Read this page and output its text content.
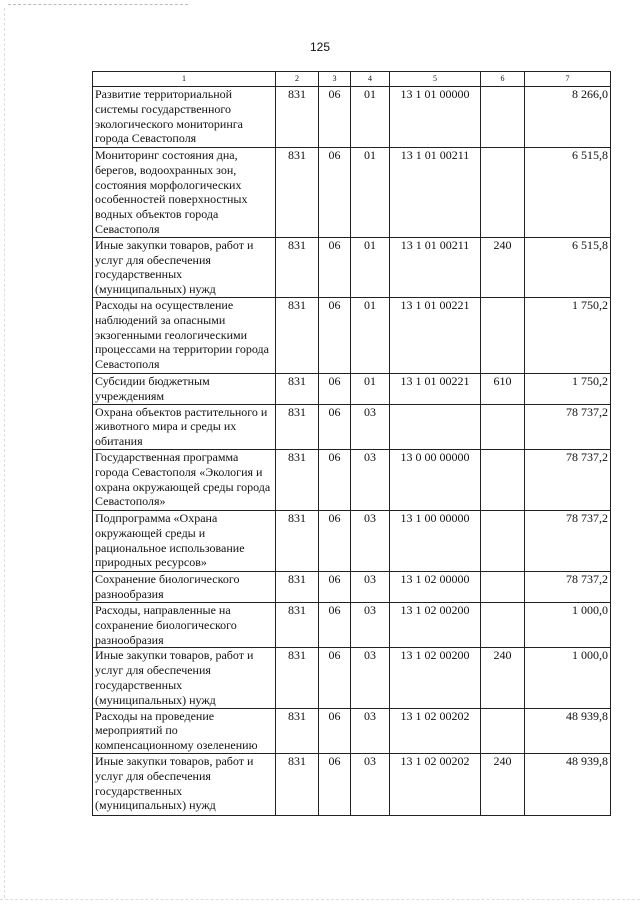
125
1	2	3	4	5	6	7
Развитие территориальной системы государственного экологического мониторинга города Севастополя	831	06	01	13 1 01 00000		8 266,0
Мониторинг состояния дна, берегов, водоохранных зон, состояния морфологических особенностей поверхностных водных объектов города Севастополя	831	06	01	13 1 01 00211		6 515,8
Иные закупки товаров, работ и услуг для обеспечения государственных (муниципальных) нужд	831	06	01	13 1 01 00211	240	6 515,8
Расходы на осуществление наблюдений за опасными экзогенными геологическими процессами на территории города Севастополя	831	06	01	13 1 01 00221		1 750,2
Субсидии бюджетным учреждениям	831	06	01	13 1 01 00221	610	1 750,2
Охрана объектов растительного и животного мира и среды их обитания	831	06	03			78 737,2
Государственная программа города Севастополя «Экология и охрана окружающей среды города Севастополя»	831	06	03	13 0 00 00000		78 737,2
Подпрограмма «Охрана окружающей среды и рациональное использование природных ресурсов»	831	06	03	13 1 00 00000		78 737,2
Сохранение биологического разнообразия	831	06	03	13 1 02 00000		78 737,2
Расходы, направленные на сохранение биологического разнообразия	831	06	03	13 1 02 00200		1 000,0
Иные закупки товаров, работ и услуг для обеспечения государственных (муниципальных) нужд	831	06	03	13 1 02 00200	240	1 000,0
Расходы на проведение мероприятий по компенсационному озеленению	831	06	03	13 1 02 00202		48 939,8
Иные закупки товаров, работ и услуг для обеспечения государственных (муниципальных) нужд	831	06	03	13 1 02 00202	240	48 939,8
